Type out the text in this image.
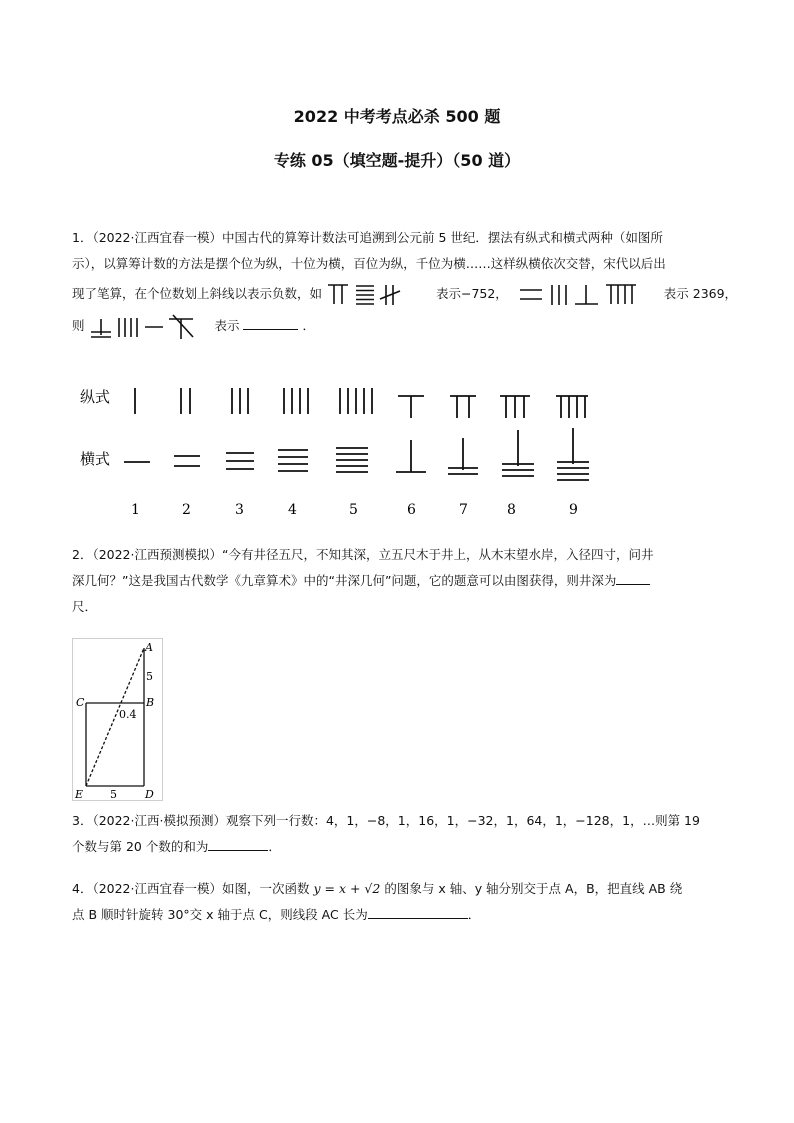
2022 中考考点必杀 500 题
专练 05（填空题-提升）（50 道）
1．（2022·江西宜春一模）中国古代的算筹计数法可追溯到公元前 5 世纪．摆法有纵式和横式两种（如图所
示），以算筹计数的方法是摆个位为纵，十位为横，百位为纵，千位为横……这样纵横依次交替，宋代以后出
现了笔算，在个位数划上斜线以表示负数，如	表示−752，	表示 2369，
则	表示	．
纵式
横式
1	2	3	4	5	6	7	8	9
2．（2022·江西预测模拟）“今有井径五尺，不知其深，立五尺木于井上，从木末望水岸，入径四寸，问井
深几何？”这是我国古代数学《九章算术》中的“井深几何”问题，它的题意可以由图获得，则井深为
尺．
A
B
C
D
E
5
0.4
5
3．（2022·江西·模拟预测）观察下列一行数：4，1，−8，1，16，1，−32，1，64，1，−128，1，…则第 19
个数与第 20 个数的和为	．
4．（2022·江西宜春一模）如图，一次函数 y = x + √2 的图象与 x 轴、y 轴分别交于点 A，B，把直线 AB 绕
点 B 顺时针旋转 30°交 x 轴于点 C，则线段 AC 长为	．
